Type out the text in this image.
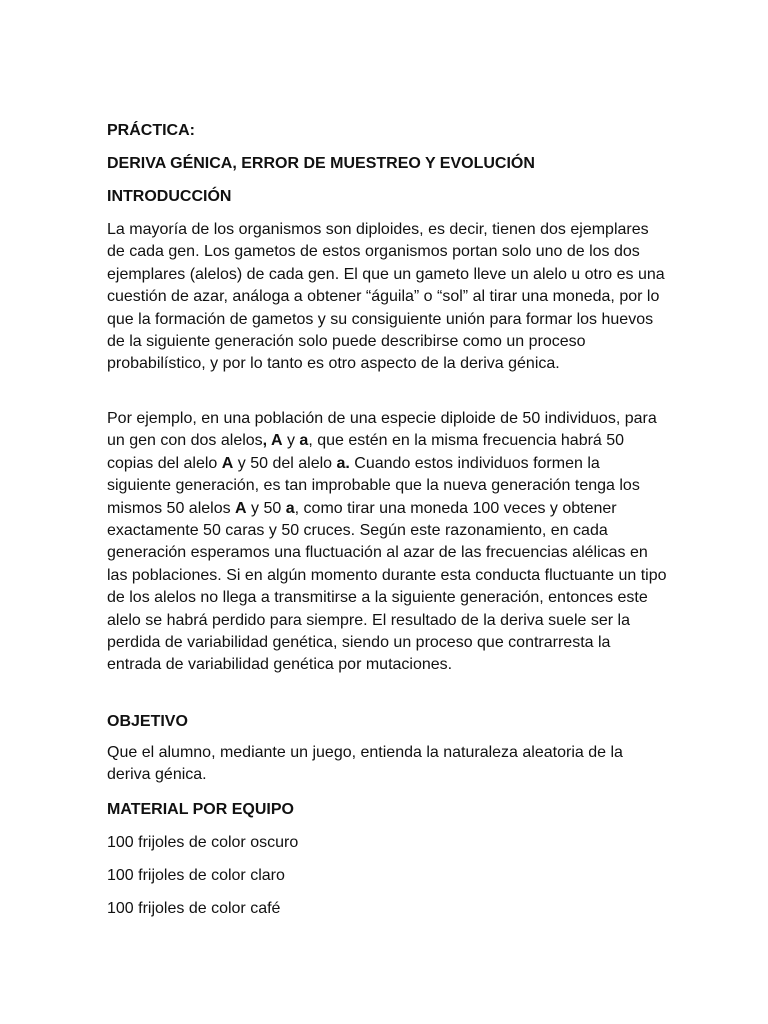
PRÁCTICA:

DERIVA GÉNICA, ERROR DE MUESTREO Y EVOLUCIÓN

INTRODUCCIÓN

La mayoría de los organismos son diploides, es decir, tienen dos ejemplares de cada gen. Los gametos de estos organismos portan solo uno de los dos ejemplares (alelos) de cada gen. El que un gameto lleve un alelo u otro es una cuestión de azar, análoga a obtener “águila” o “sol” al tirar una moneda, por lo que la formación de gametos y su consiguiente unión para formar los huevos de la siguiente generación solo puede describirse como un proceso probabilístico, y por lo tanto es otro aspecto de la deriva génica.

Por ejemplo, en una población de una especie diploide de 50 individuos, para un gen con dos alelos, A y a, que estén en la misma frecuencia habrá 50 copias del alelo A y 50 del alelo a. Cuando estos individuos formen la siguiente generación, es tan improbable que la nueva generación tenga los mismos 50 alelos A y 50 a, como tirar una moneda 100 veces y obtener exactamente 50 caras y 50 cruces. Según este razonamiento, en cada generación esperamos una fluctuación al azar de las frecuencias alélicas en las poblaciones. Si en algún momento durante esta conducta fluctuante un tipo de los alelos no llega a transmitirse a la siguiente generación, entonces este alelo se habrá perdido para siempre. El resultado de la deriva suele ser la perdida de variabilidad genética, siendo un proceso que contrarresta la entrada de variabilidad genética por mutaciones.

OBJETIVO

Que el alumno, mediante un juego, entienda la naturaleza aleatoria de la deriva génica.

MATERIAL POR EQUIPO

100 frijoles de color oscuro

100 frijoles de color claro

100 frijoles de color café
